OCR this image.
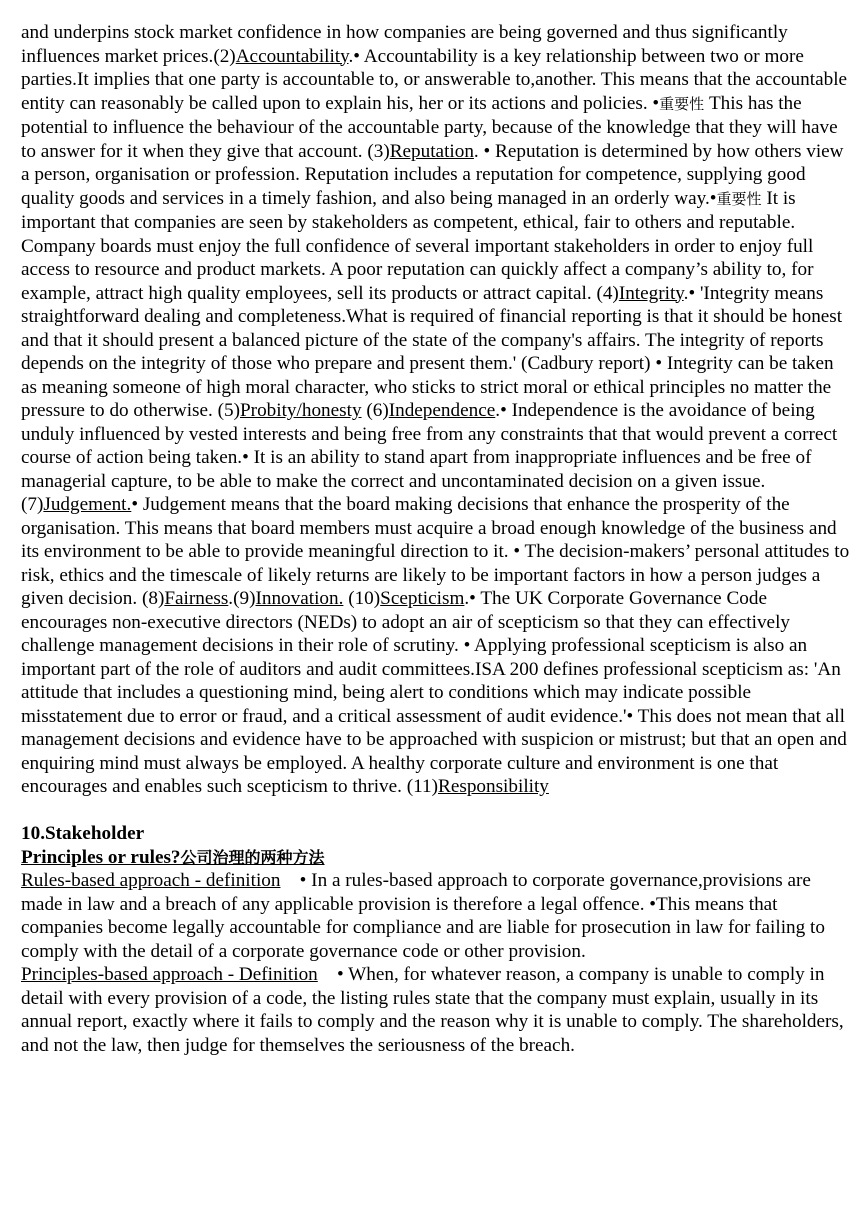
and underpins stock market confidence in how companies are being governed and thus significantly influences market prices.(2)Accountability.• Accountability is a key relationship between two or more parties.It implies that one party is accountable to, or answerable to,another. This means that the accountable entity can reasonably be called upon to explain his, her or its actions and policies. •重要性 This has the potential to influence the behaviour of the accountable party, because of the knowledge that they will have to answer for it when they give that account. (3)Reputation. • Reputation is determined by how others view a person, organisation or profession. Reputation includes a reputation for competence, supplying good quality goods and services in a timely fashion, and also being managed in an orderly way.•重要性 It is important that companies are seen by stakeholders as competent, ethical, fair to others and reputable. Company boards must enjoy the full confidence of several important stakeholders in order to enjoy full access to resource and product markets. A poor reputation can quickly affect a company’s ability to, for example, attract high quality employees, sell its products or attract capital. (4)Integrity.• 'Integrity means straightforward dealing and completeness.What is required of financial reporting is that it should be honest and that it should present a balanced picture of the state of the company's affairs. The integrity of reports depends on the integrity of those who prepare and present them.' (Cadbury report) • Integrity can be taken as meaning someone of high moral character, who sticks to strict moral or ethical principles no matter the pressure to do otherwise. (5)Probity/honesty (6)Independence.• Independence is the avoidance of being unduly influenced by vested interests and being free from any constraints that that would prevent a correct course of action being taken.• It is an ability to stand apart from inappropriate influences and be free of managerial capture, to be able to make the correct and uncontaminated decision on a given issue. (7)Judgement.• Judgement means that the board making decisions that enhance the prosperity of the organisation. This means that board members must acquire a broad enough knowledge of the business and its environment to be able to provide meaningful direction to it. • The decision-makers’ personal attitudes to risk, ethics and the timescale of likely returns are likely to be important factors in how a person judges a given decision. (8)Fairness.(9)Innovation. (10)Scepticism.• The UK Corporate Governance Code encourages non-executive directors (NEDs) to adopt an air of scepticism so that they can effectively challenge management decisions in their role of scrutiny. • Applying professional scepticism is also an important part of the role of auditors and audit committees.ISA 200 defines professional scepticism as: 'An attitude that includes a questioning mind, being alert to conditions which may indicate possible misstatement due to error or fraud, and a critical assessment of audit evidence.'• This does not mean that all management decisions and evidence have to be approached with suspicion or mistrust; but that an open and enquiring mind must always be employed. A healthy corporate culture and environment is one that encourages and enables such scepticism to thrive. (11)Responsibility

10.Stakeholder

Principles or rules?公司治理的两种方法

Rules-based approach - definition    • In a rules-based approach to corporate governance,provisions are made in law and a breach of any applicable provision is therefore a legal offence. •This means that companies become legally accountable for compliance and are liable for prosecution in law for failing to comply with the detail of a corporate governance code or other provision.

Principles-based approach - Definition    • When, for whatever reason, a company is unable to comply in detail with every provision of a code, the listing rules state that the company must explain, usually in its annual report, exactly where it fails to comply and the reason why it is unable to comply. The shareholders, and not the law, then judge for themselves the seriousness of the breach.
